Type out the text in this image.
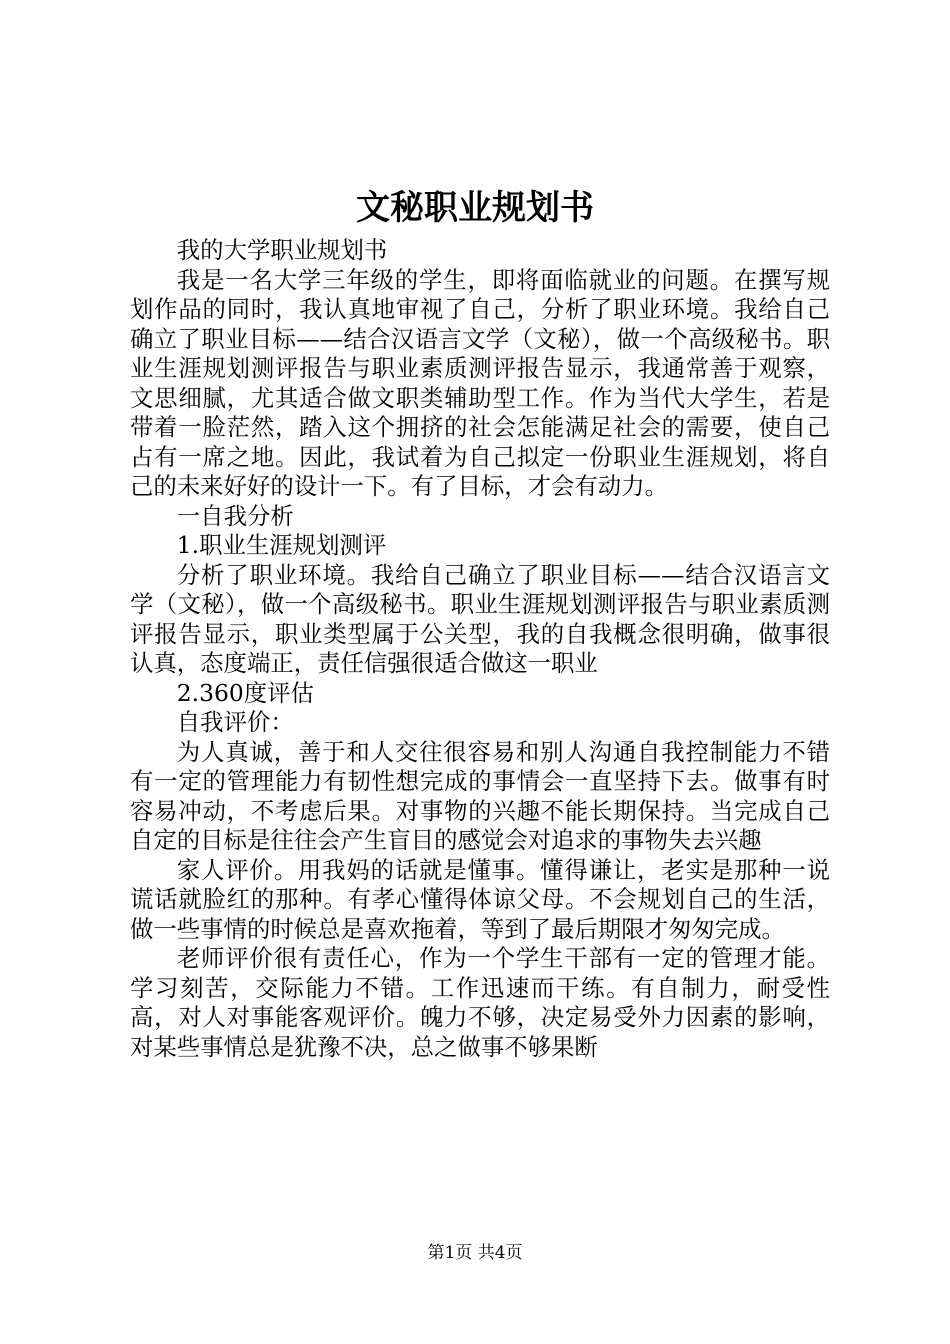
文秘职业规划书

我的大学职业规划书

我是一名大学三年级的学生，即将面临就业的问题。在撰写规划作品的同时，我认真地审视了自己，分析了职业环境。我给自己确立了职业目标——结合汉语言文学（文秘），做一个高级秘书。职业生涯规划测评报告与职业素质测评报告显示，我通常善于观察，文思细腻，尤其适合做文职类辅助型工作。作为当代大学生，若是带着一脸茫然，踏入这个拥挤的社会怎能满足社会的需要，使自己占有一席之地。因此，我试着为自己拟定一份职业生涯规划，将自己的未来好好的设计一下。有了目标，才会有动力。

一自我分析

1.职业生涯规划测评

分析了职业环境。我给自己确立了职业目标——结合汉语言文学（文秘），做一个高级秘书。职业生涯规划测评报告与职业素质测评报告显示，职业类型属于公关型，我的自我概念很明确，做事很认真，态度端正，责任信强很适合做这一职业

2.360度评估

自我评价：

为人真诚，善于和人交往很容易和别人沟通自我控制能力不错有一定的管理能力有韧性想完成的事情会一直坚持下去。做事有时容易冲动，不考虑后果。对事物的兴趣不能长期保持。当完成自己自定的目标是往往会产生盲目的感觉会对追求的事物失去兴趣

家人评价。用我妈的话就是懂事。懂得谦让，老实是那种一说谎话就脸红的那种。有孝心懂得体谅父母。不会规划自己的生活，做一些事情的时候总是喜欢拖着，等到了最后期限才匆匆完成。

老师评价很有责任心，作为一个学生干部有一定的管理才能。学习刻苦，交际能力不错。工作迅速而干练。有自制力，耐受性高，对人对事能客观评价。魄力不够，决定易受外力因素的影响，对某些事情总是犹豫不决，总之做事不够果断

第1页 共4页
